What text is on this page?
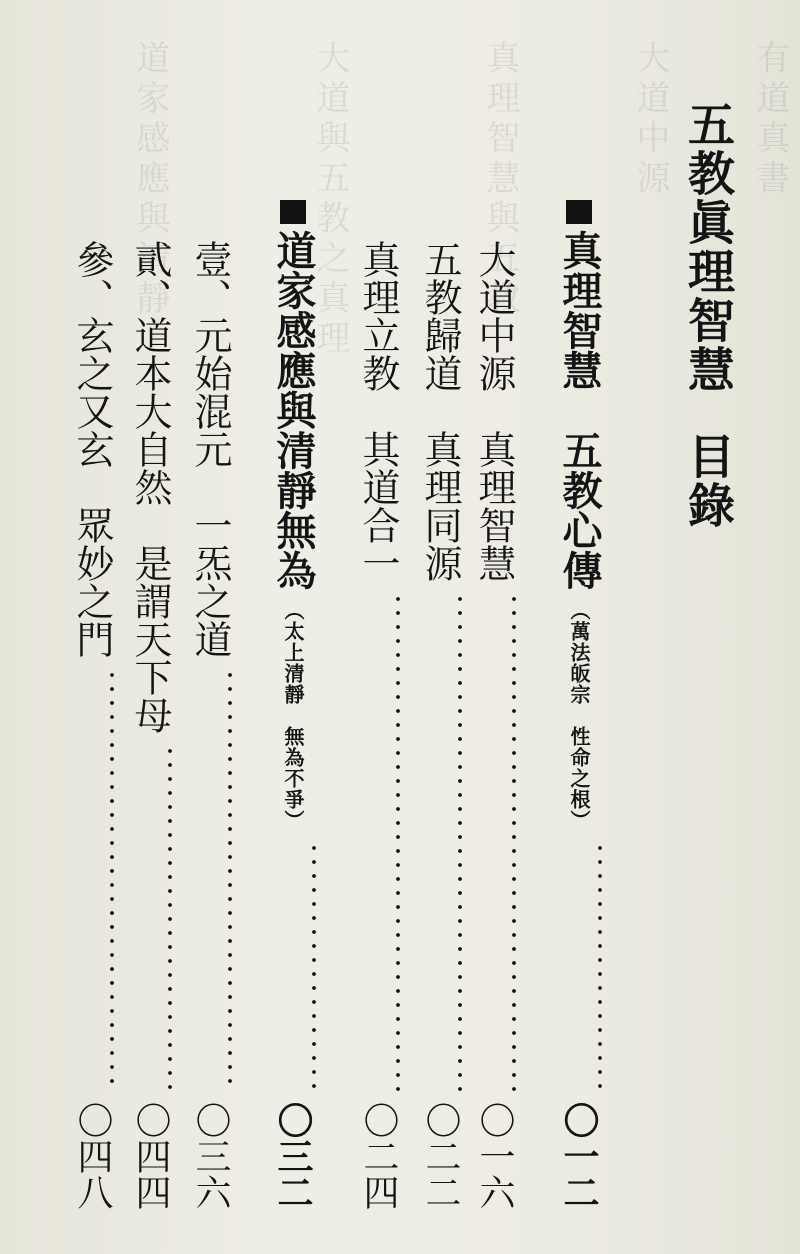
有道真書
大道中源
真理智慧與五教
大道與五教之真理
道家感應與清靜	五教眞理智慧
目錄
真理智慧　五教心傳
（萬法皈宗　性命之根）
〇一二
大道中源　真理智慧
〇一六
五教歸道　真理同源
〇二二
真理立教　其道合一
〇二四
道家感應與清靜無為
（太上清靜　無為不爭）
〇三二
壹、元始混元　一炁之道
〇三六
貳、道本大自然　是謂天下母
〇四四
參、玄之又玄　眾妙之門
〇四八
